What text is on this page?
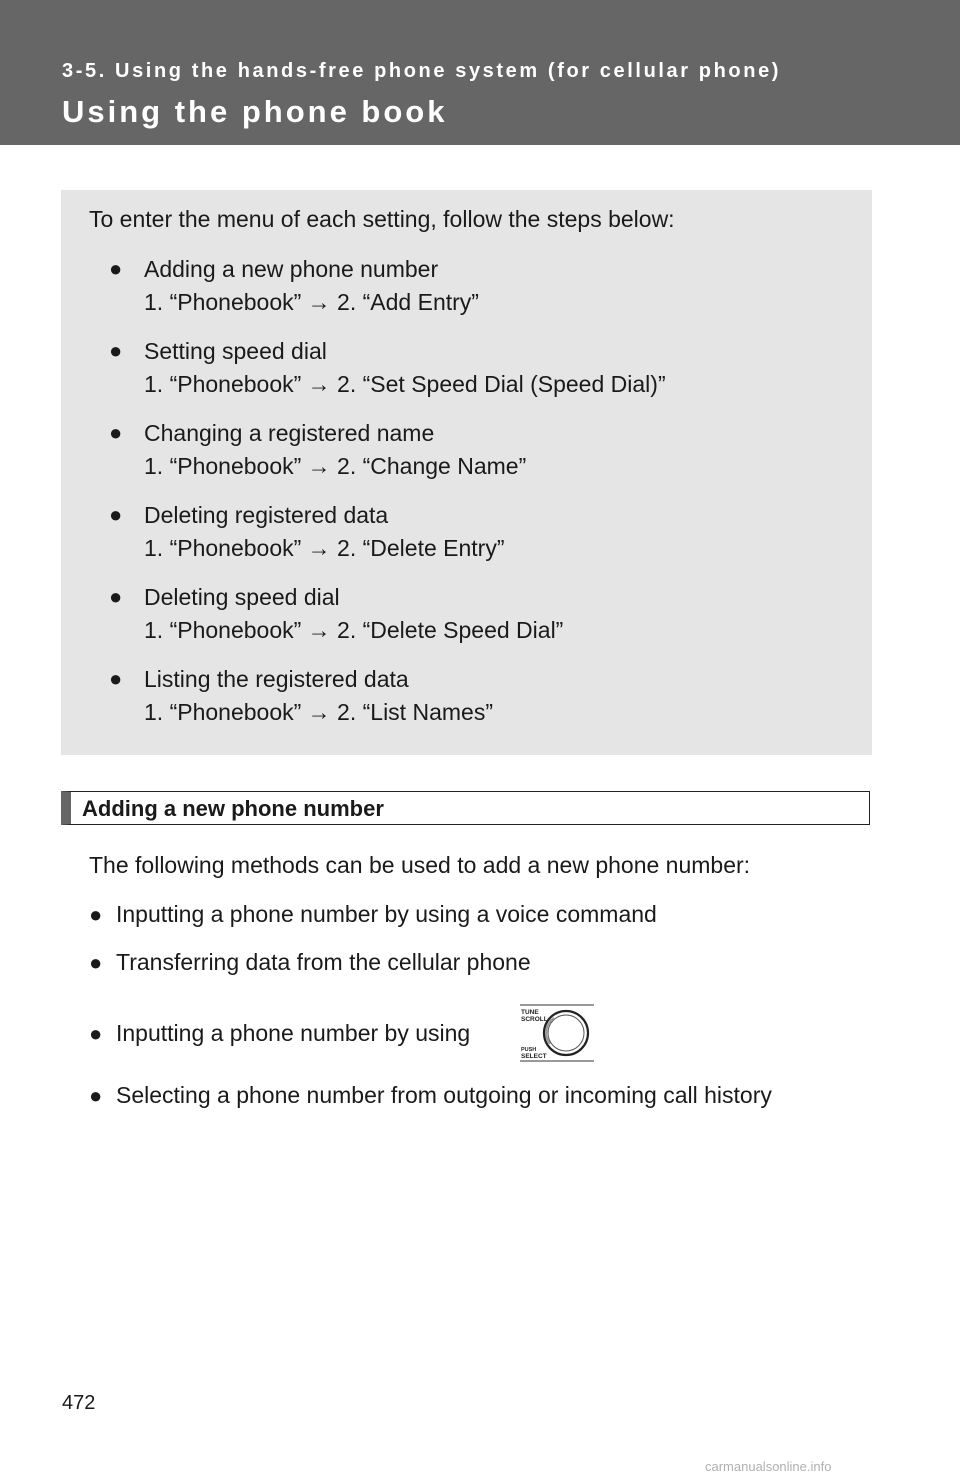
3-5. Using the hands-free phone system (for cellular phone)
Using the phone book
To enter the menu of each setting, follow the steps below:
● Adding a new phone number
1. “Phonebook” → 2. “Add Entry”
● Setting speed dial
1. “Phonebook” → 2. “Set Speed Dial (Speed Dial)”
● Changing a registered name
1. “Phonebook” → 2. “Change Name”
● Deleting registered data
1. “Phonebook” → 2. “Delete Entry”
● Deleting speed dial
1. “Phonebook” → 2. “Delete Speed Dial”
● Listing the registered data
1. “Phonebook” → 2. “List Names”
Adding a new phone number
The following methods can be used to add a new phone number:
● Inputting a phone number by using a voice command
● Transferring data from the cellular phone
● Inputting a phone number by using
● Selecting a phone number from outgoing or incoming call history
TUNE
SCROLL
PUSH
SELECT
472
carmanualsonline.info
